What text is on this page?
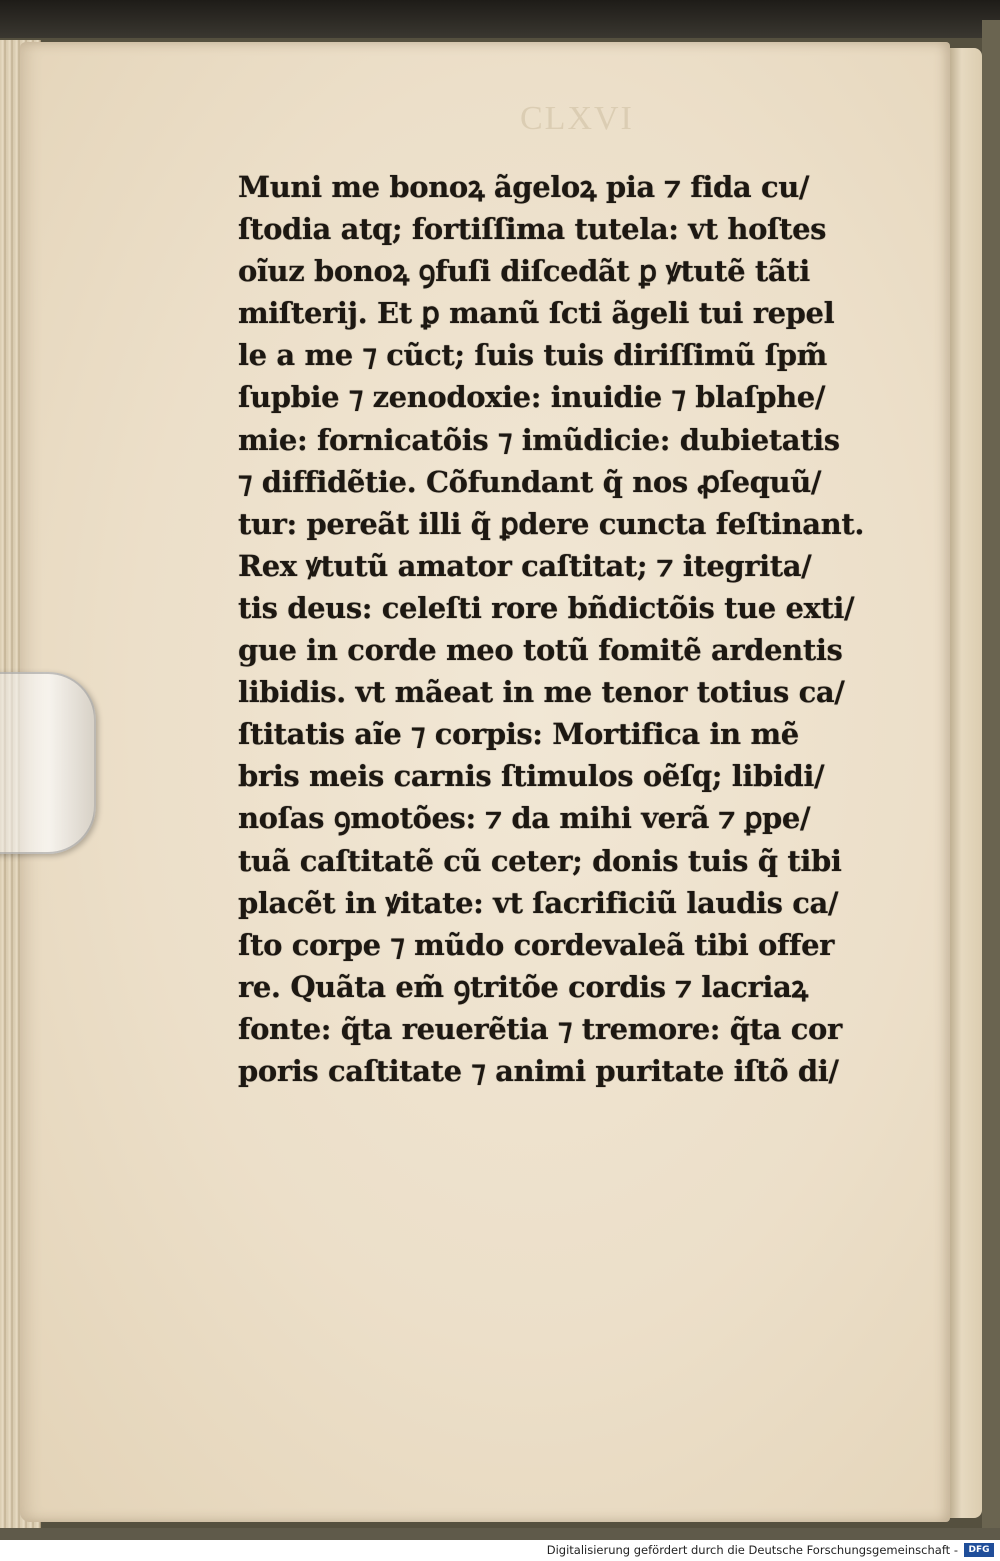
CLXVI
Muni me bonoꝝ ãgeloꝝ pia ⁊ fida cu/
ſtodia atq; fortiſſima tutela: vt hoſtes
oĩuz bonoꝝ ꝯfuſi diſcedãt ꝑ ꝟtutẽ tãti
miſterij. Et ꝑ manũ ſcti ãgeli tui repel
le a me ⁊ cũct; ſuis tuis diriſſimũ ſpm̃
ſupbie ⁊ zenodoxie: inuidie ⁊ blaſphe/
mie: fornicatõis ⁊ imũdicie: dubietatis
⁊ diffidẽtie. Cõfundant q̃ nos ꝓſequũ/
tur: pereãt illi q̃ ꝑdere cuncta feſtinant.
Rex ꝟtutũ amator caſtitat; ⁊ itegrita/
tis deus: celeſti rore bñdictõis tue exti/
gue in corde meo totũ fomitẽ ardentis
libidis. vt mãeat in me tenor totius ca/
ſtitatis aĩe ⁊ corpis: Mortifica in mẽ
bris meis carnis ſtimulos oẽſq; libidi/
noſas ꝯmotões: ⁊ da mihi verã ⁊ ꝑpe/
tuã caſtitatẽ cũ ceter; donis tuis q̃ tibi
placẽt in ꝟitate: vt ſacrificiũ laudis ca/
ſto corpe ⁊ mũdo cordevaleã tibi offer
re. Quãta em̃ ꝯtritõe cordis ⁊ lacriaꝝ
fonte: q̃ta reuerẽtia ⁊ tremore: q̃ta cor
poris caſtitate ⁊ animi puritate iſtõ di/
Digitalisierung gefördert durch die Deutsche Forschungsgemeinschaft -	DFG
